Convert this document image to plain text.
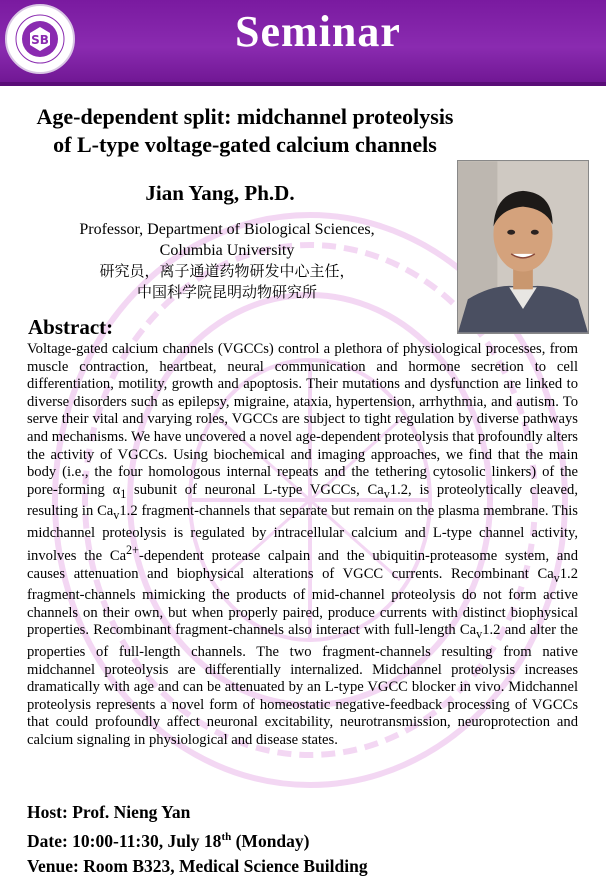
SB	Seminar
Age-dependent split: midchannel proteolysis
of L-type voltage-gated calcium channels
Jian Yang, Ph.D.
Professor, Department of Biological Sciences,
Columbia University
研究员，离子通道药物研发中心主任，
中国科学院昆明动物研究所
Abstract:
Voltage-gated calcium channels (VGCCs) control a plethora of physiological processes, from muscle contraction, heartbeat, neural communication and hormone secretion to cell differentiation, motility, growth and apoptosis. Their mutations and dysfunction are linked to diverse disorders such as epilepsy, migraine, ataxia, hypertension, arrhythmia, and autism. To serve their vital and varying roles, VGCCs are subject to tight regulation by diverse pathways and mechanisms. We have uncovered a novel age-dependent proteolysis that profoundly alters the activity of VGCCs. Using biochemical and imaging approaches, we find that the main body (i.e., the four homologous internal repeats and the tethering cytosolic linkers) of the pore-forming $\alpha_1$ subunit of neuronal L-type VGCCs, $Ca_v1.2$, is proteolytically cleaved, resulting in $Ca_v1.2$ fragment-channels that separate but remain on the plasma membrane. This midchannel proteolysis is regulated by intracellular calcium and L-type channel activity, involves the $Ca^{2+}$-dependent protease calpain and the ubiquitin-proteasome system, and causes attenuation and biophysical alterations of VGCC currents. Recombinant $Ca_v1.2$ fragment-channels mimicking the products of mid-channel proteolysis do not form active channels on their own, but when properly paired, produce currents with distinct biophysical properties. Recombinant fragment-channels also interact with full-length $Ca_v1.2$ and alter the properties of full-length channels. The two fragment-channels resulting from native midchannel proteolysis are differentially internalized. Midchannel proteolysis increases dramatically with age and can be attenuated by an L-type VGCC blocker in vivo. Midchannel proteolysis represents a novel form of homeostatic negative-feedback processing of VGCCs that could profoundly affect neuronal excitability, neurotransmission, neuroprotection and calcium signaling in physiological and disease states.
Host: Prof. Nieng Yan
Date: 10:00-11:30, July 18th (Monday)
Venue: Room B323, Medical Science Building
